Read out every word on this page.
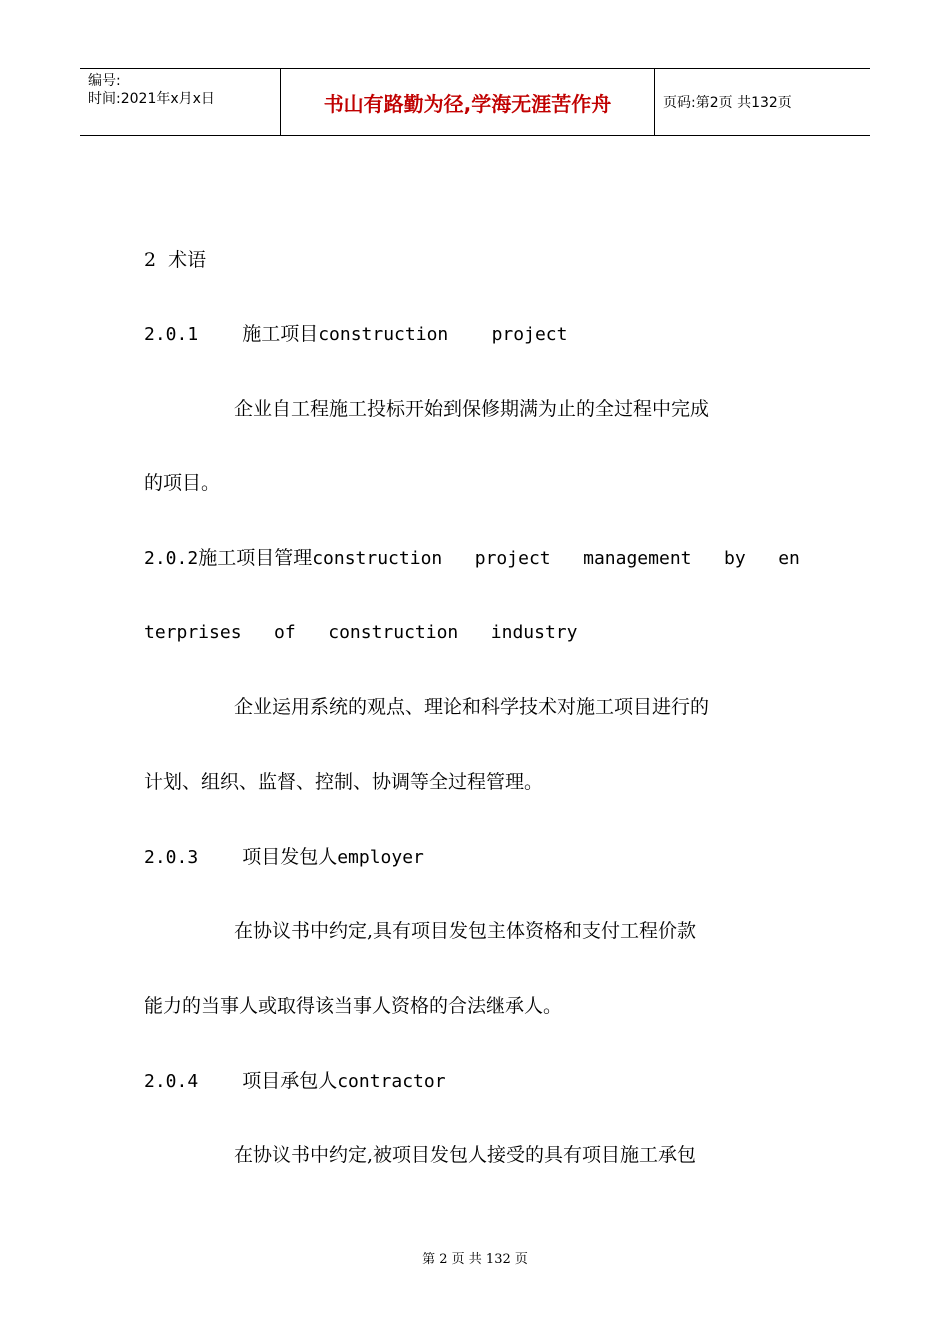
编号:
时间:2021年x月x日	书山有路勤为径,学海无涯苦作舟	页码:第2页 共132页
2  术语
2.0.1 施工项目construction    project
企业自工程施工投标开始到保修期满为止的全过程中完成
的项目。
2.0.2施工项目管理construction   project   management   by   en
terprises   of   construction   industry
企业运用系统的观点、理论和科学技术对施工项目进行的
计划、组织、监督、控制、协调等全过程管理。
2.0.3 项目发包人employer
在协议书中约定,具有项目发包主体资格和支付工程价款
能力的当事人或取得该当事人资格的合法继承人。
2.0.4 项目承包人contractor
在协议书中约定,被项目发包人接受的具有项目施工承包
第 2 页 共 132 页
